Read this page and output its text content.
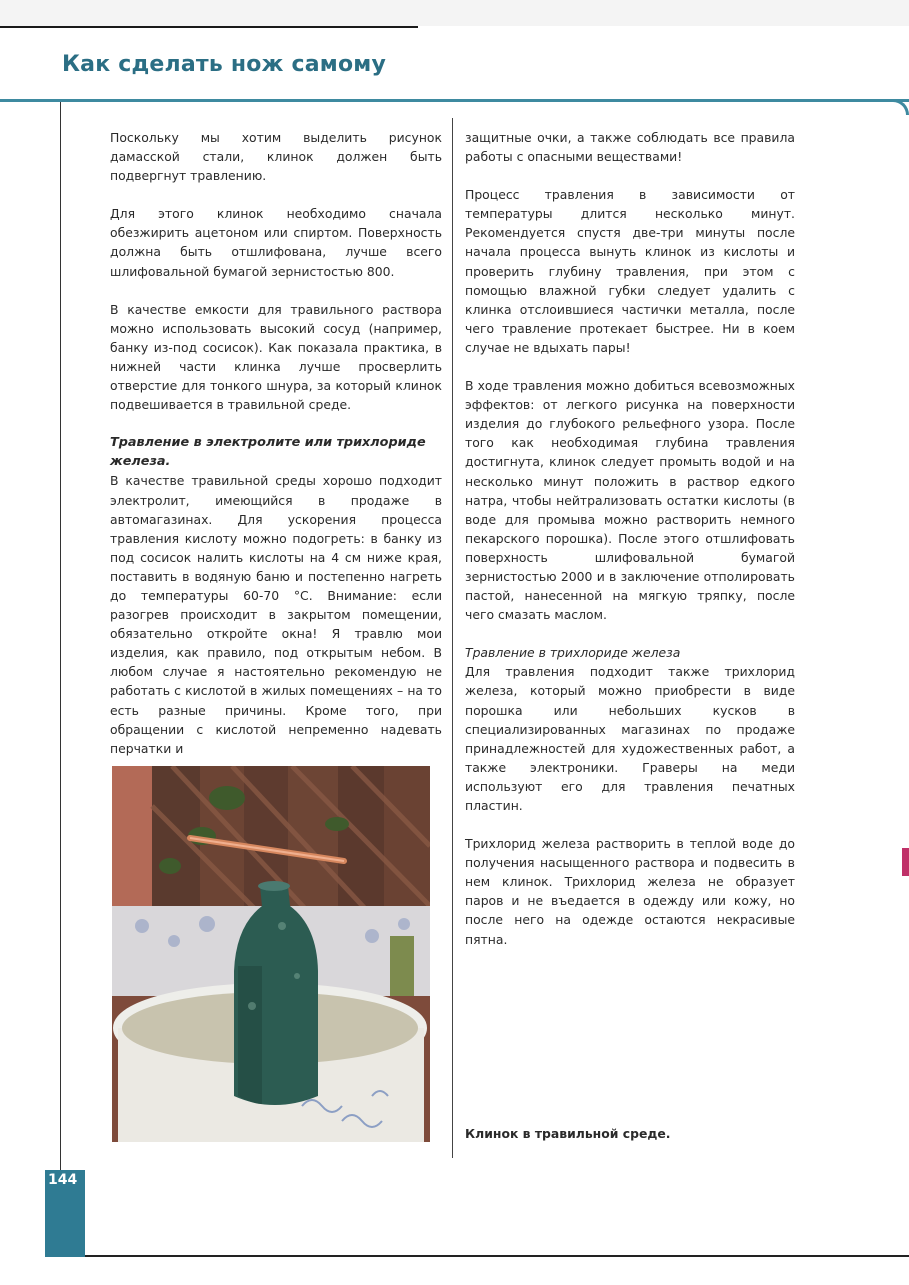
Как сделать нож самому

Поскольку мы хотим выделить рисунок дамасской стали, клинок должен быть подвергнут травлению.

Для этого клинок необходимо сначала обезжирить ацетоном или спиртом. Поверхность должна быть отшлифована, лучше всего шлифовальной бумагой зернистостью 800.

В качестве емкости для травильного раствора можно использовать высокий сосуд (например, банку из-под сосисок). Как показала практика, в нижней части клинка лучше просверлить отверстие для тонкого шнура, за который клинок подвешивается в травильной среде.

Травление в электролите или трихлориде железа.

В качестве травильной среды хорошо подходит электролит, имеющийся в продаже в автомагазинах. Для ускорения процесса травления кислоту можно подогреть: в банку из под сосисок налить кислоты на 4 см ниже края, поставить в водяную баню и постепенно нагреть до температуры 60-70 °С. Внимание: если разогрев происходит в закрытом помещении, обязательно откройте окна! Я травлю мои изделия, как правило, под открытым небом. В любом случае я настоятельно рекомендую не работать с кислотой в жилых помещениях – на то есть разные причины. Кроме того, при обращении с кислотой непременно надевать перчатки и

защитные очки, а также соблюдать все правила работы с опасными веществами!

Процесс травления в зависимости от температуры длится несколько минут. Рекомендуется спустя две-три минуты после начала процесса вынуть клинок из кислоты и проверить глубину травления, при этом с помощью влажной губки следует удалить с клинка отслоившиеся частички металла, после чего травление протекает быстрее. Ни в коем случае не вдыхать пары!

В ходе травления можно добиться всевозможных эффектов: от легкого рисунка на поверхности изделия до глубокого рельефного узора. После того как необходимая глубина травления достигнута, клинок следует промыть водой и на несколько минут положить в раствор едкого натра, чтобы нейтрализовать остатки кислоты (в воде для промыва можно растворить немного пекарского порошка). После этого отшлифовать поверхность шлифовальной бумагой зернистостью 2000 и в заключение отполировать пастой, нанесенной на мягкую тряпку, после чего смазать маслом.

Травление в трихлориде железа

Для травления подходит также трихлорид железа, который можно приобрести в виде порошка или небольших кусков в специализированных магазинах по продаже принадлежностей для художественных работ, а также электроники. Граверы на меди используют его для травления печатных пластин.

Трихлорид железа растворить в теплой воде до получения насыщенного раствора и подвесить в нем клинок. Трихлорид железа не образует паров и не въедается в одежду или кожу, но после него на одежде остаются некрасивые пятна.

Клинок в травильной среде.

144
